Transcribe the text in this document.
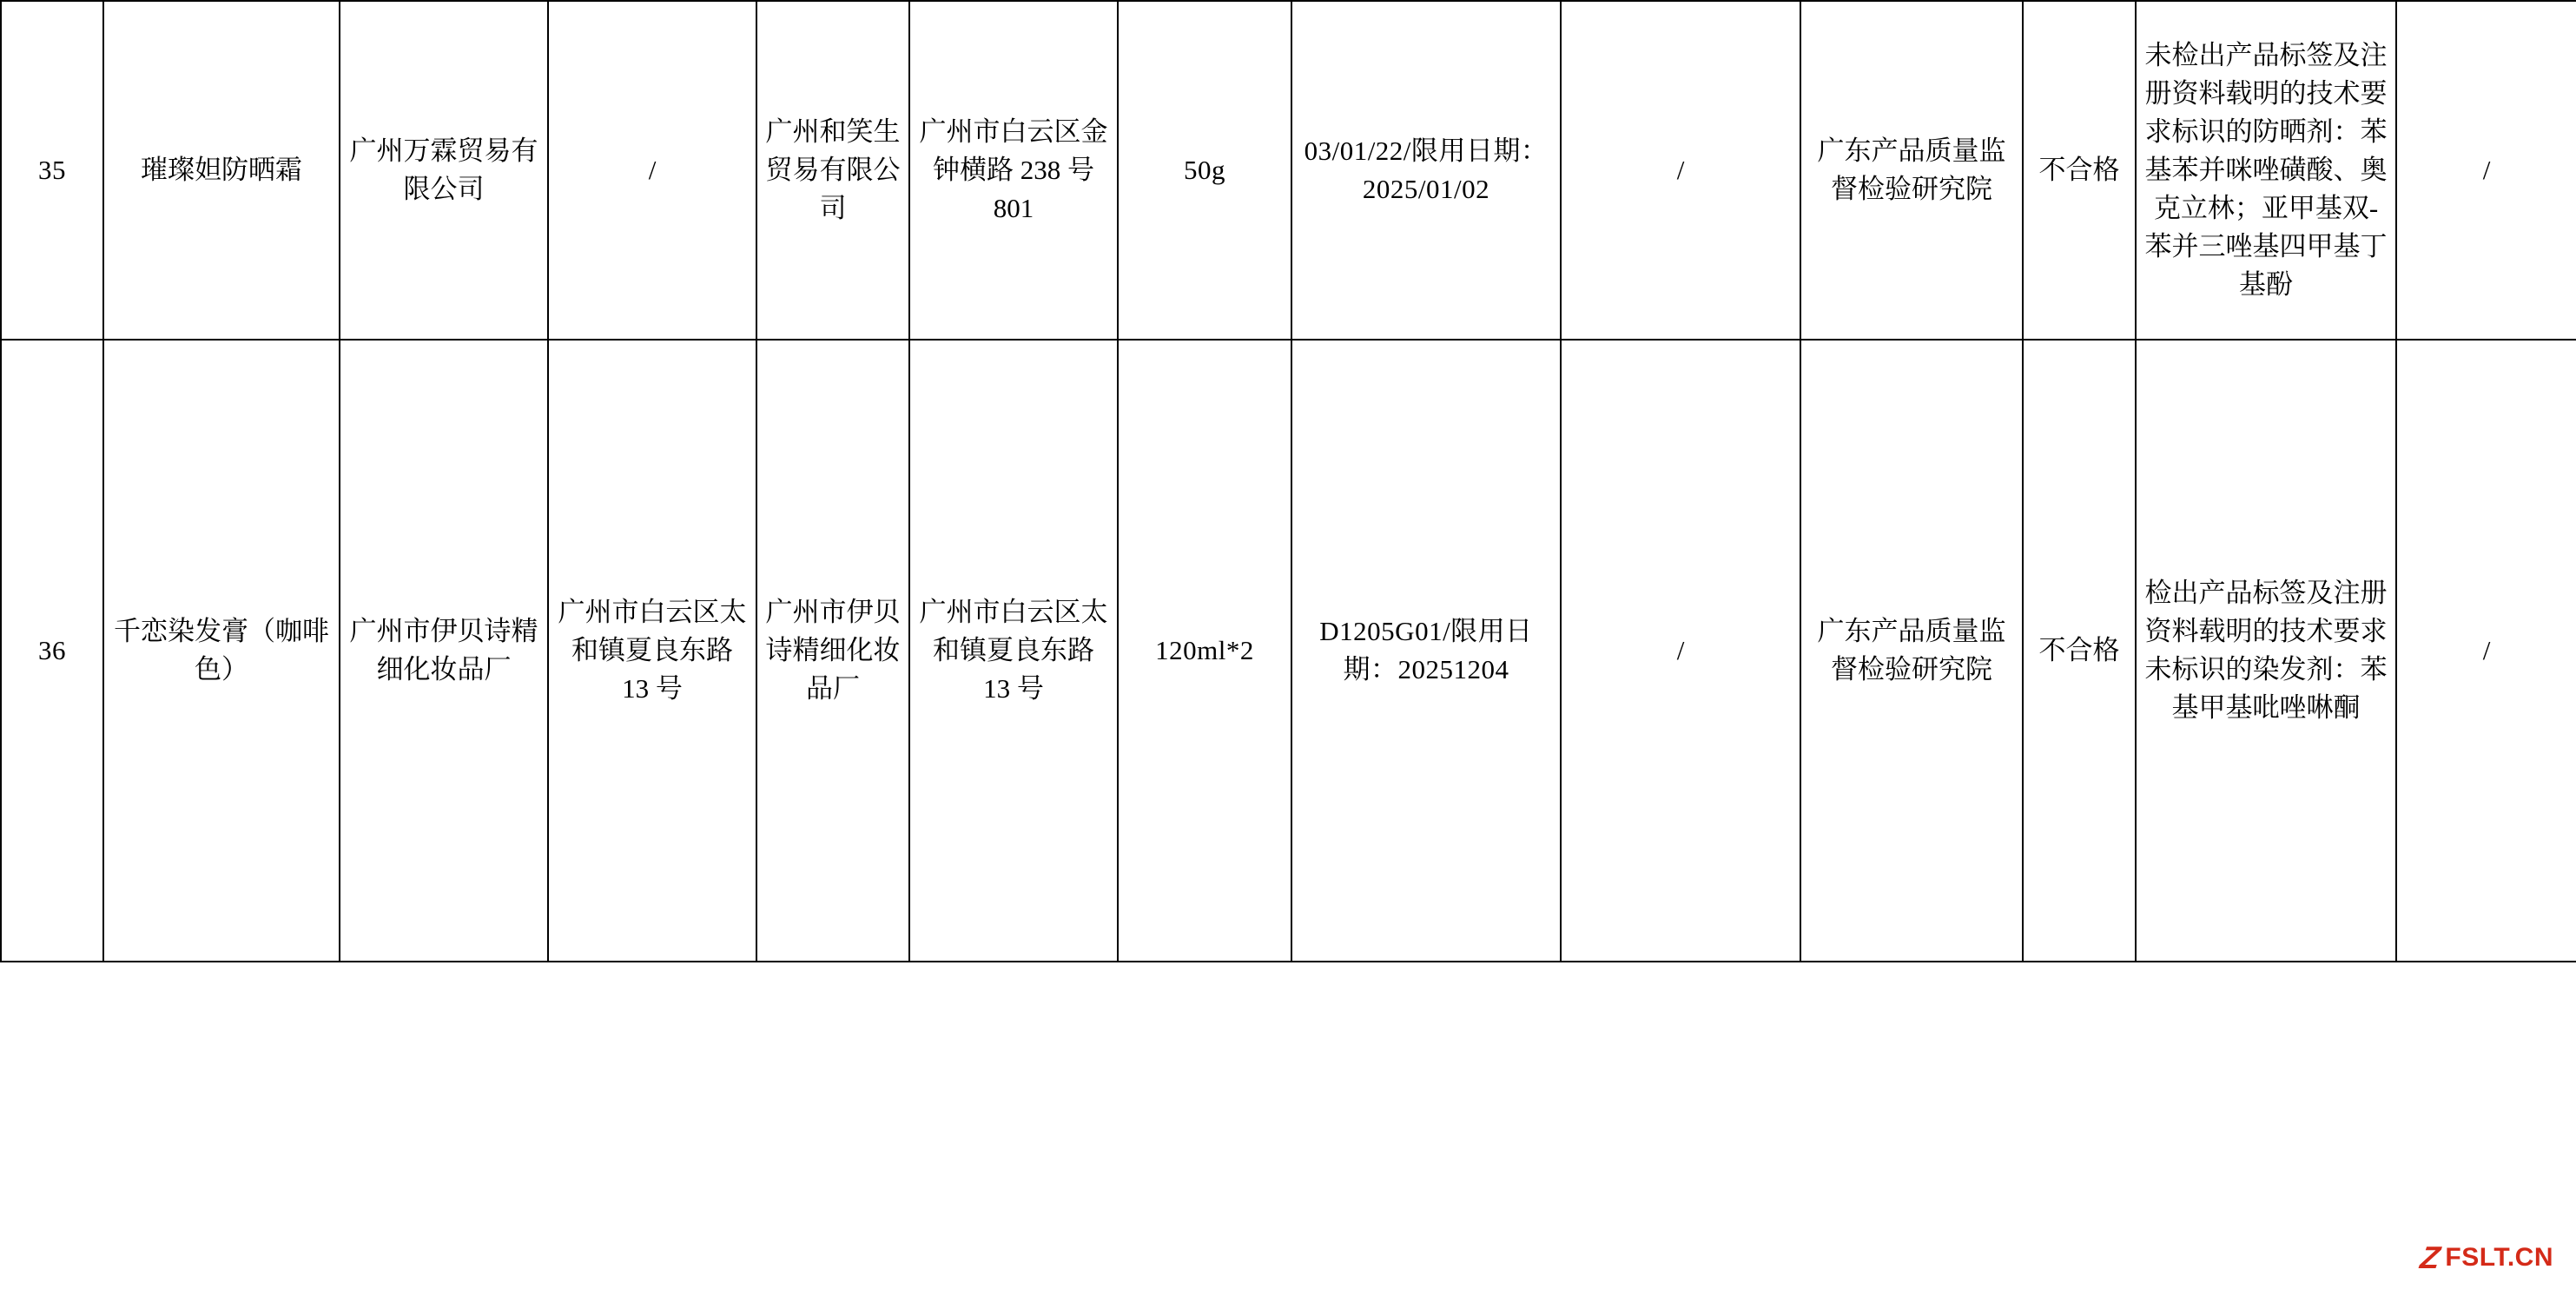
35	璀璨妲防晒霜	广州万霖贸易有限公司	/	广州和笑生贸易有限公司	广州市白云区金钟横路 238 号801	50g	03/01/22/限用日期：2025/01/02	/	广东产品质量监督检验研究院	不合格	未检出产品标签及注册资料载明的技术要求标识的防晒剂：苯基苯并咪唑磺酸、奥克立林；亚甲基双-苯并三唑基四甲基丁基酚	/

36	千恋染发膏（咖啡色）	广州市伊贝诗精细化妆品厂	广州市白云区太和镇夏良东路 13 号	广州市伊贝诗精细化妆品厂	广州市白云区太和镇夏良东路 13 号	120ml*2	D1205G01/限用日期：20251204	/	广东产品质量监督检验研究院	不合格	检出产品标签及注册资料载明的技术要求未标识的染发剂：苯基甲基吡唑啉酮	/
Z FSLT.CN
